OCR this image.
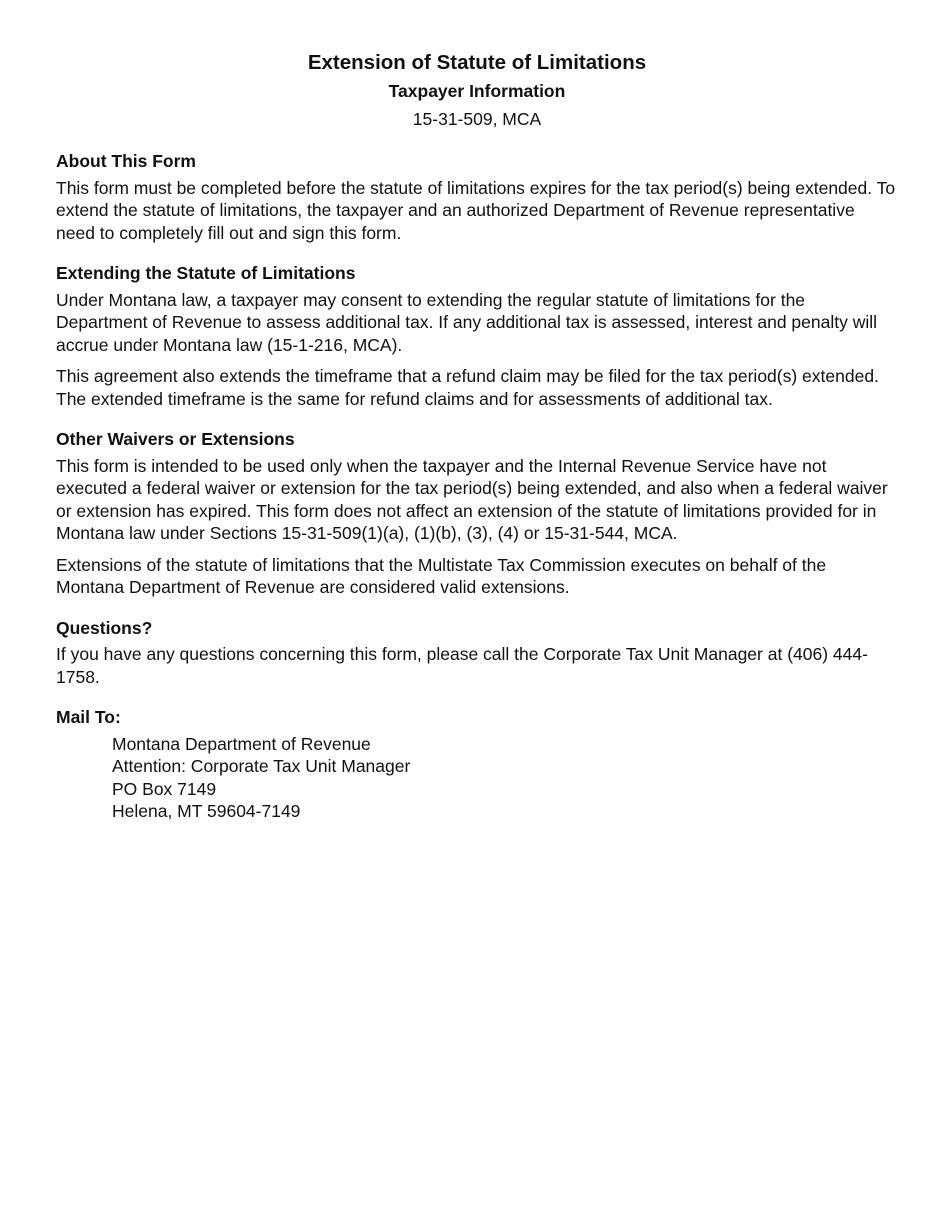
Extension of Statute of Limitations
Taxpayer Information
15-31-509, MCA
About This Form

This form must be completed before the statute of limitations expires for the tax period(s) being extended. To extend the statute of limitations, the taxpayer and an authorized Department of Revenue representative need to completely fill out and sign this form.

Extending the Statute of Limitations

Under Montana law, a taxpayer may consent to extending the regular statute of limitations for the Department of Revenue to assess additional tax. If any additional tax is assessed, interest and penalty will accrue under Montana law (15-1-216, MCA).

This agreement also extends the timeframe that a refund claim may be filed for the tax period(s) extended. The extended timeframe is the same for refund claims and for assessments of additional tax.

Other Waivers or Extensions

This form is intended to be used only when the taxpayer and the Internal Revenue Service have not executed a federal waiver or extension for the tax period(s) being extended, and also when a federal waiver or extension has expired. This form does not affect an extension of the statute of limitations provided for in Montana law under Sections 15-31-509(1)(a), (1)(b), (3), (4) or 15-31-544, MCA.

Extensions of the statute of limitations that the Multistate Tax Commission executes on behalf of the Montana Department of Revenue are considered valid extensions.

Questions?

If you have any questions concerning this form, please call the Corporate Tax Unit Manager at (406) 444-1758.

Mail To:
Montana Department of Revenue
Attention: Corporate Tax Unit Manager
PO Box 7149
Helena, MT 59604-7149
